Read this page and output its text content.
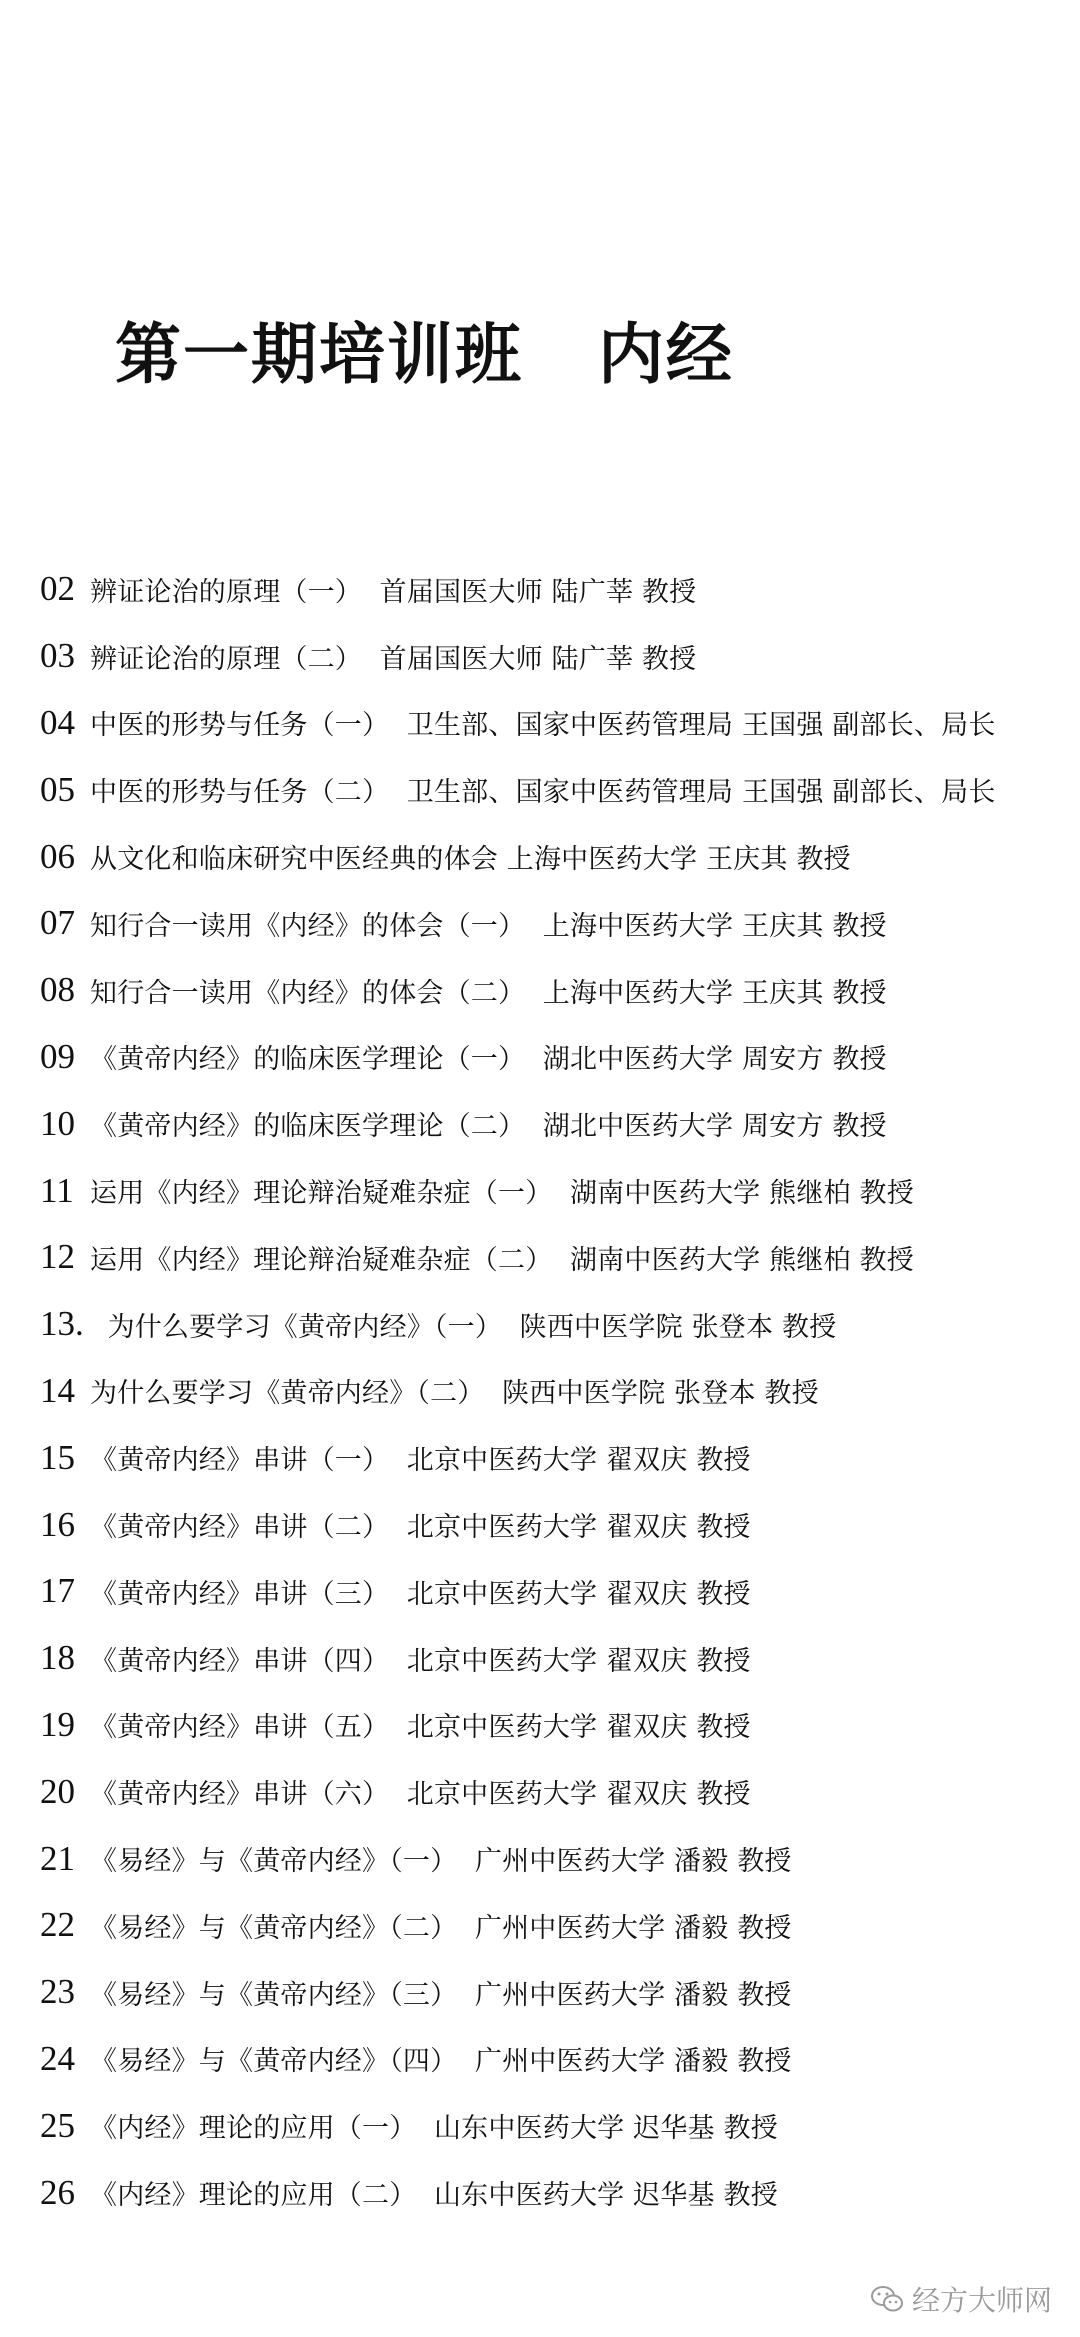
第一期培训班   内经
02 辨证论治的原理（一）  首届国医大师 陆广莘 教授
03 辨证论治的原理（二）  首届国医大师 陆广莘 教授
04 中医的形势与任务（一）  卫生部、国家中医药管理局 王国强 副部长、局长
05 中医的形势与任务（二）  卫生部、国家中医药管理局 王国强 副部长、局长
06 从文化和临床研究中医经典的体会 上海中医药大学 王庆其 教授
07 知行合一读用《内经》的体会（一）  上海中医药大学 王庆其 教授
08 知行合一读用《内经》的体会（二）  上海中医药大学 王庆其 教授
09 《黄帝内经》的临床医学理论（一）  湖北中医药大学 周安方 教授
10 《黄帝内经》的临床医学理论（二）  湖北中医药大学 周安方 教授
11 运用《内经》理论辩治疑难杂症（一）  湖南中医药大学 熊继柏 教授
12 运用《内经》理论辩治疑难杂症（二）  湖南中医药大学 熊继柏 教授
13. 为什么要学习《黄帝内经》（一）  陕西中医学院 张登本 教授
14 为什么要学习《黄帝内经》（二）  陕西中医学院 张登本 教授
15 《黄帝内经》串讲（一）  北京中医药大学 翟双庆 教授
16 《黄帝内经》串讲（二）  北京中医药大学 翟双庆 教授
17 《黄帝内经》串讲（三）  北京中医药大学 翟双庆 教授
18 《黄帝内经》串讲（四）  北京中医药大学 翟双庆 教授
19 《黄帝内经》串讲（五）  北京中医药大学 翟双庆 教授
20 《黄帝内经》串讲（六）  北京中医药大学 翟双庆 教授
21 《易经》与《黄帝内经》（一）  广州中医药大学 潘毅 教授
22 《易经》与《黄帝内经》（二）  广州中医药大学 潘毅 教授
23 《易经》与《黄帝内经》（三）  广州中医药大学 潘毅 教授
24 《易经》与《黄帝内经》（四）  广州中医药大学 潘毅 教授
25 《内经》理论的应用（一）  山东中医药大学 迟华基 教授
26 《内经》理论的应用（二）  山东中医药大学 迟华基 教授
经方大师网
